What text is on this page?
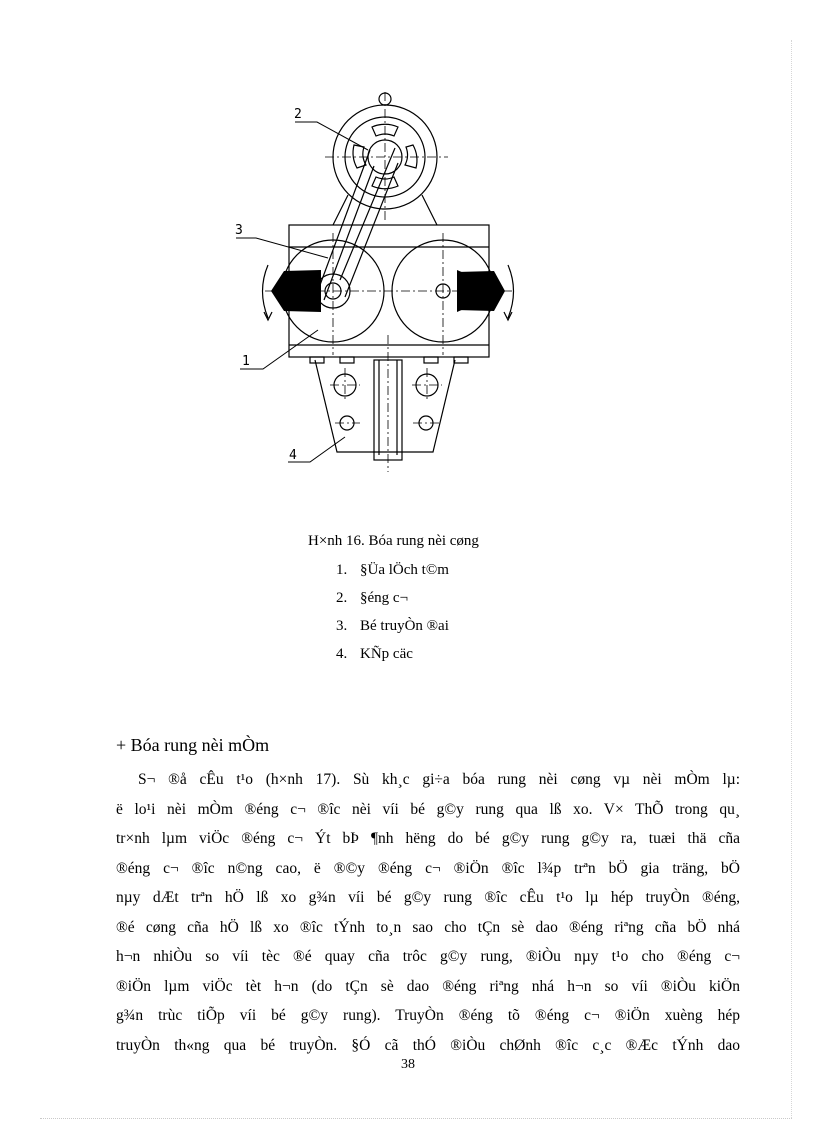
2
3
1
4
H×nh 16. Bóa rung nèi cøng
1. §Üa lÖch t©m
2. §éng c¬
3. Bé truyÒn ®ai
4. KÑp cäc
+ Bóa rung nèi mÒm

S¬ ®å cÊu t¹o (h×nh 17). Sù kh¸c gi÷a bóa rung nèi cøng vµ nèi mÒm lµ:

ë lo¹i nèi mÒm ®éng c¬ ®îc nèi víi bé g©y rung qua lß xo. V× ThÕ trong qu¸

tr×nh lµm viÖc ®éng c¬ Ýt bÞ ¶nh hëng do bé g©y rung g©y ra, tuæi thä cña

®éng c¬ ®îc n©ng cao, ë ®©y ®éng c¬ ®iÖn ®îc l¾p trªn bÖ gia träng, bÖ

nµy dÆt trªn hÖ lß xo g¾n víi bé g©y rung ®îc cÊu t¹o lµ hép truyÒn ®éng,

®é cøng cña hÖ lß xo ®îc tÝnh to¸n sao cho tÇn sè dao ®éng riªng cña bÖ nhá

h¬n nhiÒu so víi tèc ®é quay cña trôc g©y rung, ®iÒu nµy t¹o cho ®éng c¬

®iÖn lµm viÖc tèt h¬n (do tÇn sè dao ®éng riªng nhá h¬n so víi ®iÒu kiÖn

g¾n trùc tiÕp víi bé g©y rung). TruyÒn ®éng tõ ®éng c¬ ®iÖn xuèng hép

truyÒn th«ng qua bé truyÒn. §Ó cã thÓ ®iÒu chØnh ®îc c¸c ®Æc tÝnh dao

38
